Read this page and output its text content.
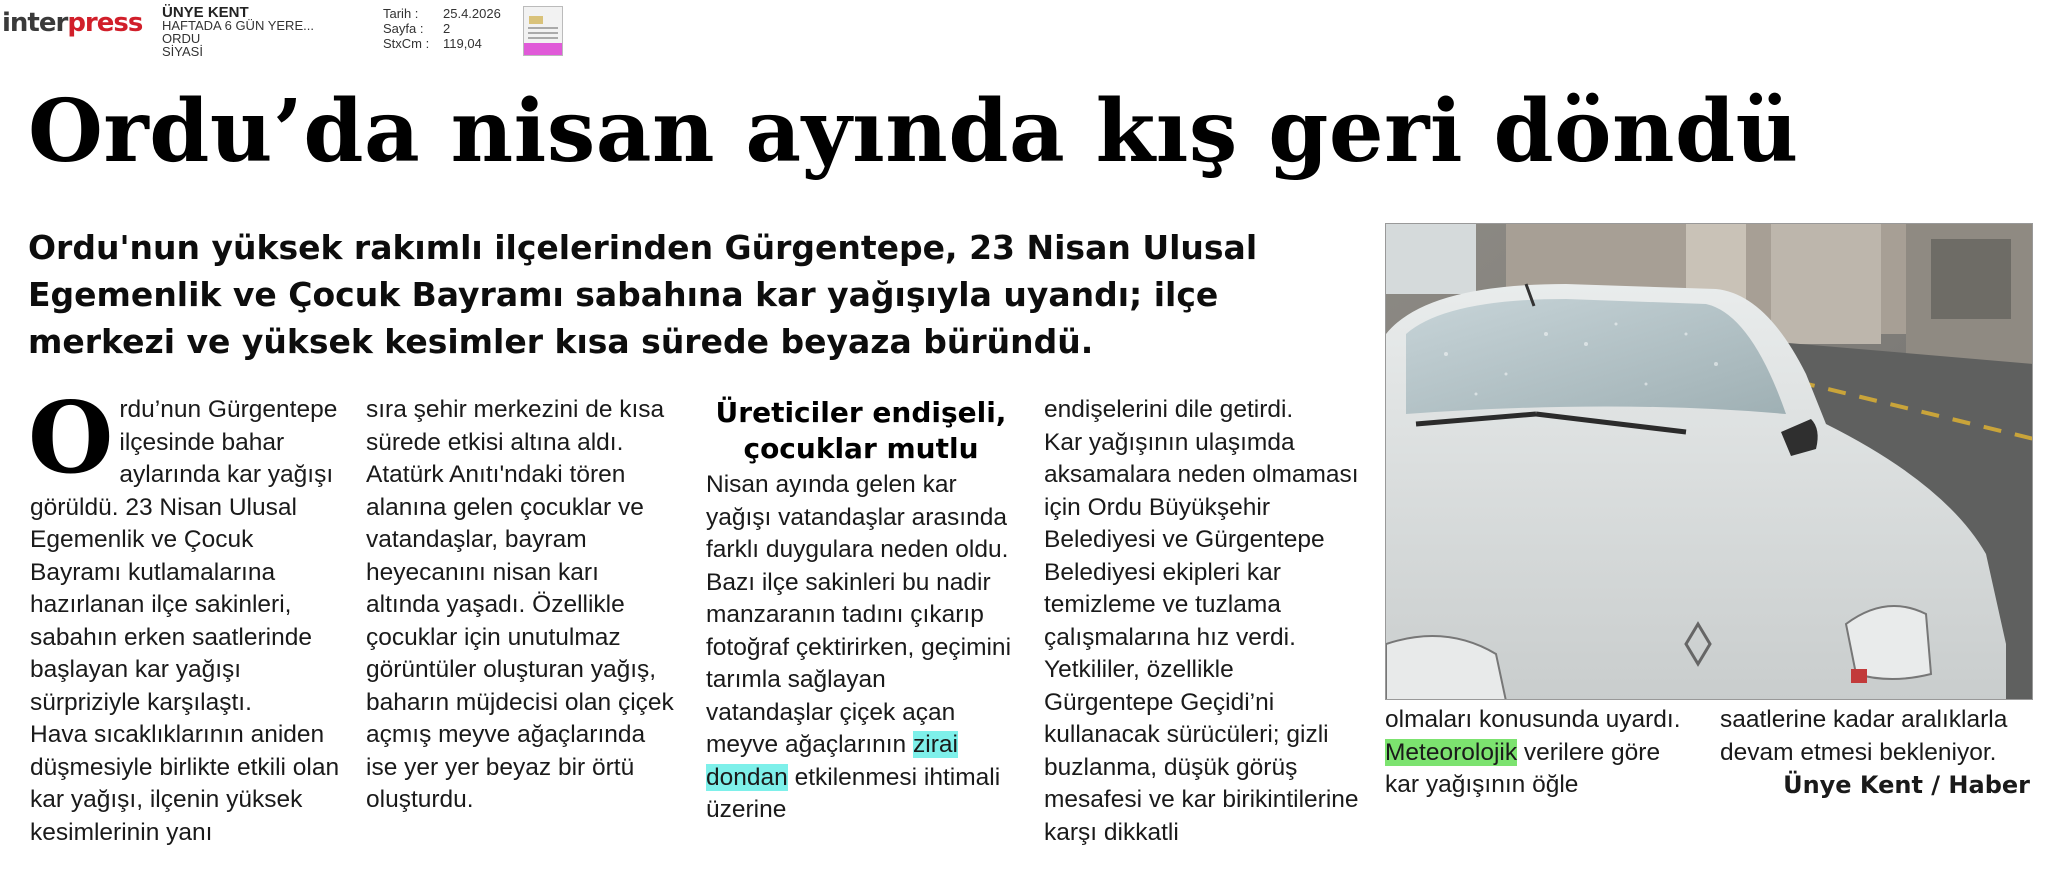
interpress ÜNYE KENT
HAFTADA 6 GÜN YERE...
ORDU
SİYASİ
Tarih :	25.4.2026
Sayfa :	2
StxCm :	119,04
Ordu’da nisan ayında kış geri döndü
Ordu'nun yüksek rakımlı ilçelerinden Gürgentepe, 23 Nisan Ulusal Egemenlik ve Çocuk Bayramı sabahına kar yağışıyla uyandı; ilçe merkezi ve yüksek kesimler kısa sürede beyaza büründü.
O rdu’nun Gürgentepe ilçesinde bahar aylarında kar yağışı görüldü. 23 Nisan Ulusal Egemenlik ve Çocuk Bayramı kutlamalarına hazırlanan ilçe sakinleri, sabahın erken saatlerinde başlayan kar yağışı sürpriziyle karşılaştı.

Hava sıcaklıklarının aniden düşmesiyle birlikte etkili olan kar yağışı, ilçenin yüksek kesimlerinin yanı

sıra şehir merkezini de kısa sürede etkisi altına aldı.

Atatürk Anıtı'ndaki tören alanına gelen çocuklar ve vatandaşlar, bayram heyecanını nisan karı altında yaşadı. Özellikle çocuklar için unutulmaz görüntüler oluşturan yağış, baharın müjdecisi olan çiçek açmış meyve ağaçlarında ise yer yer beyaz bir örtü oluşturdu.

Üreticiler endişeli, çocuklar mutlu

Nisan ayında gelen kar yağışı vatandaşlar arasında farklı duygulara neden oldu. Bazı ilçe sakinleri bu nadir manzaranın tadını çıkarıp fotoğraf çektirirken, geçimini tarımla sağlayan vatandaşlar çiçek açan meyve ağaçlarının zirai dondan etkilenmesi ihtimali üzerine

endişelerini dile getirdi.

Kar yağışının ulaşımda aksamalara neden olmaması için Ordu Büyükşehir Belediyesi ve Gürgentepe Belediyesi ekipleri kar temizleme ve tuzlama çalışmalarına hız verdi. Yetkililer, özellikle Gürgentepe Geçidi’ni kullanacak sürücüleri; gizli buzlanma, düşük görüş mesafesi ve kar birikintilerine karşı dikkatli

olmaları konusunda uyardı.

Meteorolojik verilere göre kar yağışının öğle

saatlerine kadar aralıklarla devam etmesi bekleniyor.

Ünye Kent / Haber
